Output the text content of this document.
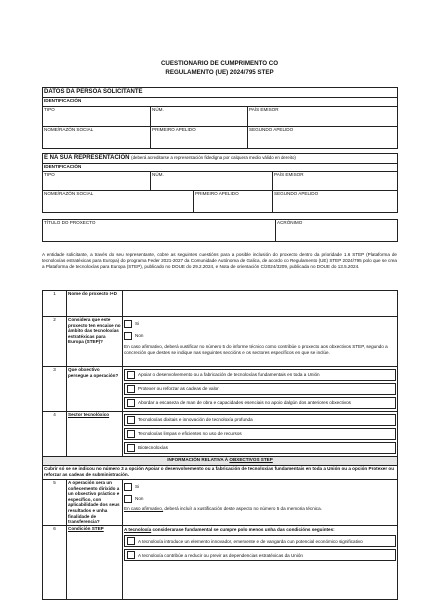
CUESTIONARIO DE CUMPRIMENTO CO
REGULAMENTO (UE) 2024/795 STEP
DATOS DA PERSOA SOLICITANTE		
IDENTIFICACIÓN		
TIPO	NÚM.	PAÍS EMISOR
NOME/RAZÓN SOCIAL	PRIMEIRO APELIDO	SEGUNDO APELIDO
E NA SÚA REPRESENTACIÓN (deberá acreditarse a representación fidedigna por calquera medio válido en dereito)			
IDENTIFICACIÓN			
TIPO	NÚM.		PAÍS EMISOR
NOME/RAZÓN SOCIAL		PRIMEIRO APELIDO	SEGUNDO APELIDO
TÍTULO DO PROXECTO	ACRÓNIMO
A entidade solicitante, a través do seu representante, cobre as seguintes cuestións para a posible inclusión do proxecto dentro da prioridade 1.6 STEP (Plataforma de tecnoloxías estratéxicas para Europa) do programa Feder 2021-2027 da Comunidade Autónoma de Galica, de acordo co Regulamento (UE) STEP 2024/795 polo que se crea a Plataforma de tecnoloxías para Europa (STEP), publicado no DOUE do 29.2.2024, e Nota de orientación C/2024/3209, publicada no DOUE do 13.5.2024.
1	Nome do proxecto I+D	
2	Considera que este proxecto ten encaixe no ámbito das tecnoloxías estratéxicas para Europa (STEP)?	Si
Non
En caso afirmativo, deberá xustificar no número 5 do informe técnico como contribúe o proxecto aos obxectivos STEP, segundo a concreción que destes se indique nas seguintes seccións e os sectores específicos en que se inclúe.

3	Que obxectivo persegue a operación?	Apoiar o desenvolvemento ou a fabricación de tecnoloxías fundamentais en toda a Unión
Protexer ou reforzar as cadeas de valor
Abordar a escaseza de man de obra e capacidades esenciais no apoio dalgún dos anteriores obxectivos

4	Sector tecnolóxico	Tecnoloxías dixitais e innovación de tecnoloxía profunda
Tecnoloxías limpas e eficientes no uso de recursos
Biotecnoloxías

INFORMACIÓN RELATIVA Á OBXECTIVOS STEP		
Cubrir só se se indicou no número 3 a opción Apoiar o desenvolvemento ou a fabricación de tecnoloxías fundamentais en toda a Unión ou a opción Protexer ou reforzar as cadeas de subministración.		
5	A operación xera un coñecemento dirixido a un obxectivo práctico e específico, con aplicabilidade dos seus resultados e unha finalidade de transferencia?	Si
Non
En caso afirmativo, deberá incluír a xustificación deste aspecto no número 5 da memoria técnica.

6	Condición STEP	A tecnoloxía considerarase fundamental se cumpre polo menos unha das condicións seguintes:
A tecnoloxía introduce un elemento innovador, emerxente e de vangarda cun potencial económico significativo
A tecnoloxía contribúe a reducir ou previr as dependencias estratéxicas da Unión
